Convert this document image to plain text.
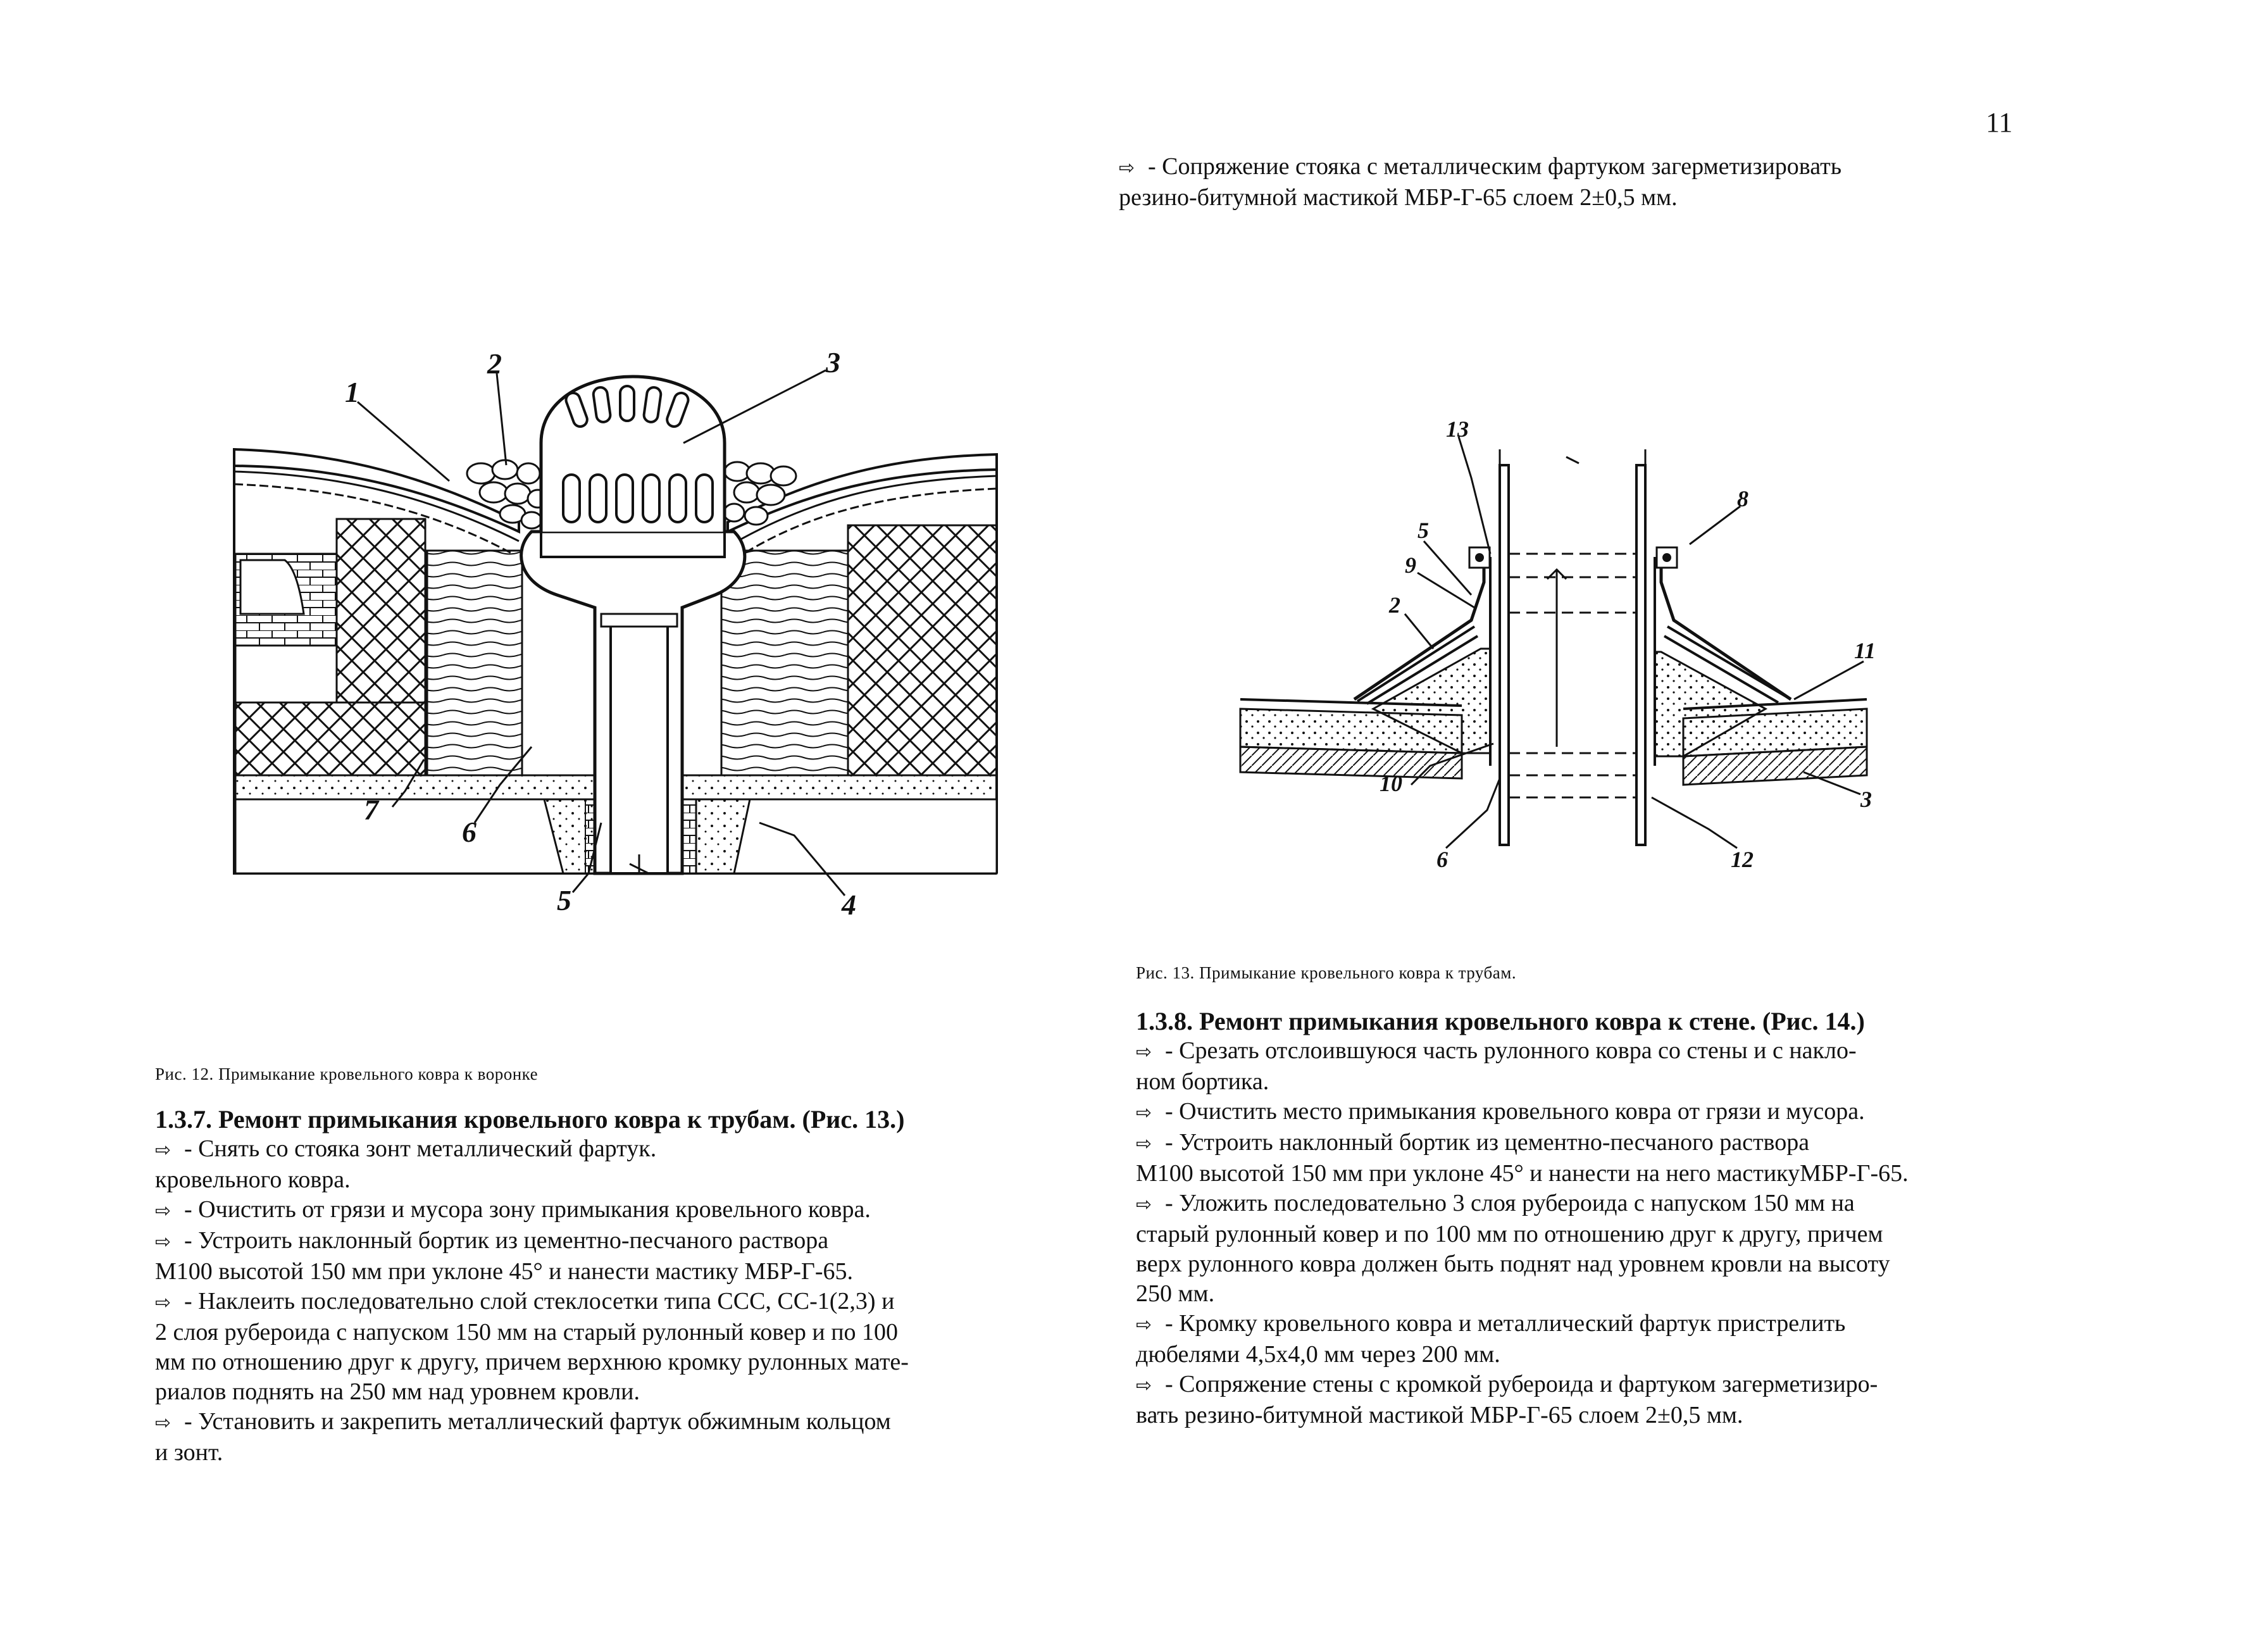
11

⇨ - Сопряжение стояка с металлическим фартуком загерметизировать

резино-битумной мастикой МБР-Г-65 слоем 2±0,5 мм.

1
2	3
4
5
6
7
13
5
9
2
10
6
8
11
3
12
Рис. 12. Примыкание кровельного ковра к воронке
Рис. 13. Примыкание кровельного ковра к трубам.

1.3.7. Ремонт примыкания кровельного ковра к трубам. (Рис. 13.)

⇨ - Снять со стояка зонт металлический фартук.

кровельного ковра.

⇨ - Очистить от грязи и мусора зону примыкания кровельного ковра.

⇨ - Устроить наклонный бортик из цементно-песчаного раствора

М100 высотой 150 мм при уклоне 45° и нанести мастику МБР-Г-65.

⇨ - Наклеить последовательно слой стеклосетки типа ССС, СС-1(2,3) и

2 слоя рубероида с напуском 150 мм на старый рулонный ковер и по 100

мм по отношению друг к другу, причем верхнюю кромку рулонных мате-

риалов поднять на 250 мм над уровнем кровли.

⇨ - Установить и закрепить металлический фартук обжимным кольцом

и зонт.

1.3.8. Ремонт примыкания кровельного ковра к стене. (Рис. 14.)

⇨ - Срезать отслоившуюся часть рулонного ковра со стены и с накло-

ном бортика.

⇨ - Очистить место примыкания кровельного ковра от грязи и мусора.

⇨ - Устроить наклонный бортик из цементно-песчаного раствора

М100 высотой 150 мм при уклоне 45° и нанести на него мастикуМБР-Г-65.

⇨ - Уложить последовательно 3 слоя рубероида с напуском 150 мм на

старый рулонный ковер и по 100 мм по отношению друг к другу, причем

верх рулонного ковра должен быть поднят над уровнем кровли на высоту

250 мм.

⇨ - Кромку кровельного ковра и металлический фартук пристрелить

дюбелями 4,5х4,0 мм через 200 мм.

⇨ - Сопряжение стены с кромкой рубероида и фартуком загерметизиро-

вать резино-битумной мастикой МБР-Г-65 слоем 2±0,5 мм.
